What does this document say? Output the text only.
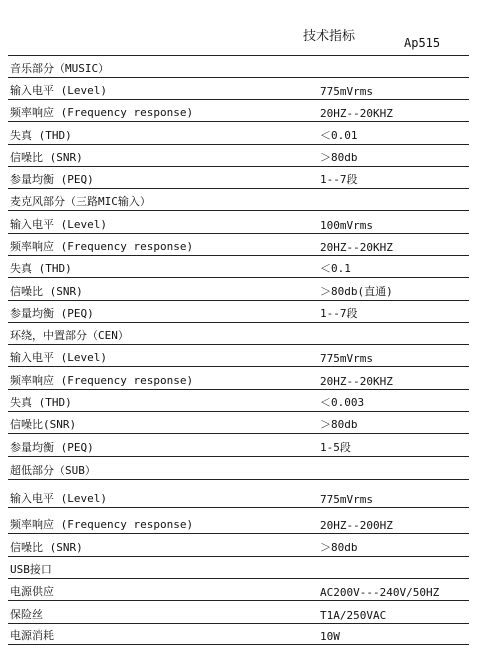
技术指标	Ap515
音乐部分（MUSIC）
输入电平 (Level)	775mVrms
频率响应 (Frequency response)	20HZ--20KHZ
失真 (THD)	＜0.01
信噪比 (SNR)	＞80db
参量均衡 (PEQ)	1--7段
麦克风部分（三路MIC输入）
输入电平 (Level)	100mVrms
频率响应 (Frequency response)	20HZ--20KHZ
失真 (THD)	＜0.1
信噪比 (SNR)	＞80db(直通)
参量均衡 (PEQ)	1--7段
环绕，中置部分（CEN）
输入电平 (Level)	775mVrms
频率响应 (Frequency response)	20HZ--20KHZ
失真 (THD)	＜0.003
信噪比(SNR)	＞80db
参量均衡 (PEQ)	1-5段
超低部分（SUB）
输入电平 (Level)	775mVrms
频率响应 (Frequency response)	20HZ--200HZ
信噪比 (SNR)	＞80db
USB接口
电源供应	AC200V---240V/50HZ
保险丝	T1A/250VAC
电源消耗	10W
